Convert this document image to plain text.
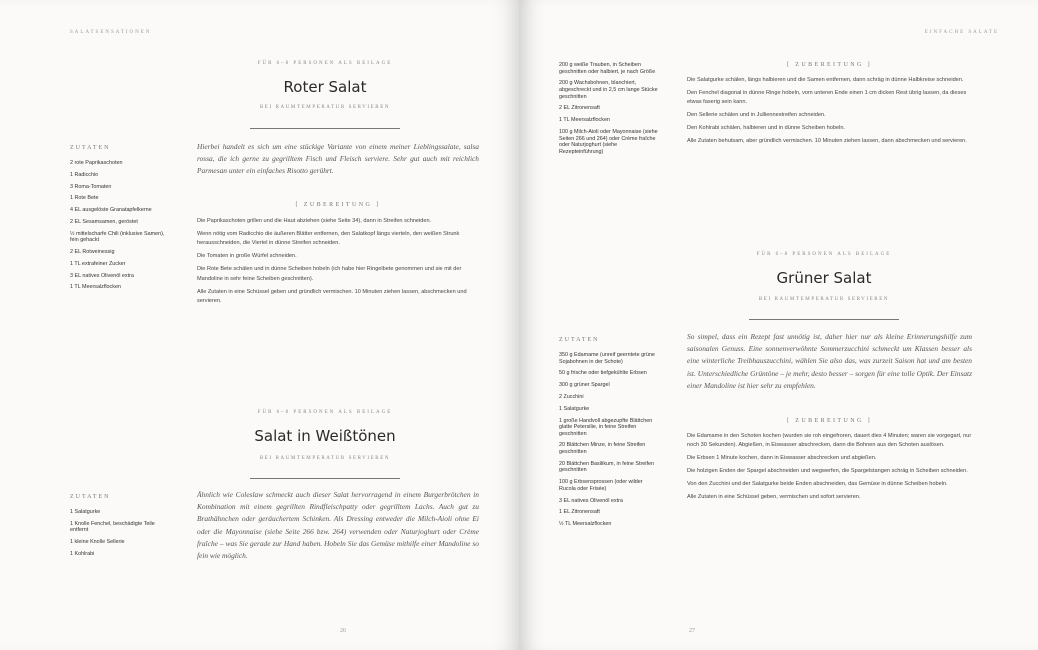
SALATSENSATIONEN
FÜR 6–8 PERSONEN ALS BEILAGE
Roter Salat
BEI RAUMTEMPERATUR SERVIEREN
ZUTATEN
2 rote Paprikaschoten
1 Radicchio
3 Roma-Tomaten
1 Rote Bete
4 EL ausgelöste Granatapfelkerne
2 EL Sesamsamen, geröstet
½ mittelscharfe Chili (inklusive Samen), fein gehackt
2 EL Rotweinessig
1 TL extrafeiner Zucker
3 EL natives Olivenöl extra
1 TL Meersalzflocken

Hierbei handelt es sich um eine stückige Variante von einem meiner Lieblingssalate, salsa rossa, die ich gerne zu gegrilltem Fisch und Fleisch serviere. Sehr gut auch mit reichlich Parmesan unter ein einfaches Risotto gerührt.

[ ZUBEREITUNG ]

Die Paprikaschoten grillen und die Haut abziehen (siehe Seite 34), dann in Streifen schneiden.

Wenn nötig vom Radicchio die äußeren Blätter entfernen, den Salatkopf längs vierteln, den weißen Strunk herausschneiden, die Viertel in dünne Streifen schneiden.

Die Tomaten in große Würfel schneiden.

Die Rote Bete schälen und in dünne Scheiben hobeln (ich habe hier Ringelbete genommen und sie mit der Mandoline in sehr feine Scheiben geschnitten).

Alle Zutaten in eine Schüssel geben und gründlich vermischen. 10 Minuten ziehen lassen, abschmecken und servieren.

FÜR 6–8 PERSONEN ALS BEILAGE
Salat in Weißtönen
BEI RAUMTEMPERATUR SERVIEREN
ZUTATEN
1 Salatgurke
1 Knolle Fenchel, beschädigte Teile entfernt
1 kleine Knolle Sellerie
1 Kohlrabi

Ähnlich wie Coleslaw schmeckt auch dieser Salat hervorragend in einem Burgerbrötchen in Kombination mit einem gegrillten Rindfleischpatty oder gegrilltem Lachs. Auch gut zu Brathähnchen oder geräuchertem Schinken. Als Dressing entweder die Milch-Aioli ohne Ei oder die Mayonnaise (siehe Seite 266 bzw. 264) verwenden oder Naturjoghurt oder Crème fraîche – was Sie gerade zur Hand haben. Hobeln Sie das Gemüse mithilfe einer Mandoline so fein wie möglich.

26
EINFACHE SALATE
200 g weiße Trauben, in Scheiben geschnitten oder halbiert, je nach Größe
200 g Wachsbohnen, blanchiert, abgeschreckt und in 2,5 cm lange Stücke geschnitten
2 EL Zitronensaft
1 TL Meersalzflocken
100 g Milch-Aioli oder Mayonnaise (siehe Seiten 266 und 264) oder Crème fraîche oder Naturjoghurt (siehe Rezepteinführung)
[ ZUBEREITUNG ]

Die Salatgurke schälen, längs halbieren und die Samen entfernen, dann schräg in dünne Halbkreise schneiden.

Den Fenchel diagonal in dünne Ringe hobeln, vom unteren Ende einen 1 cm dicken Rest übrig lassen, da dieses etwas faserig sein kann.

Den Sellerie schälen und in Julliennestreifen schneiden.

Den Kohlrabi schälen, halbieren und in dünne Scheiben hobeln.

Alle Zutaten behutsam, aber gründlich vermischen. 10 Minuten ziehen lassen, dann abschmecken und servieren.

FÜR 6–8 PERSONEN ALS BEILAGE
Grüner Salat
BEI RAUMTEMPERATUR SERVIEREN
ZUTATEN
350 g Edamame (unreif geerntete grüne Sojabohnen in der Schote)
50 g frische oder tiefgekühlte Erbsen
300 g grüner Spargel
2 Zucchini
1 Salatgurke
1 große Handvoll abgezupfte Blättchen glatte Petersilie, in feine Streifen geschnitten
20 Blättchen Minze, in feine Streifen geschnitten
20 Blättchen Basilikum, in feine Streifen geschnitten
100 g Erbsensprossen (oder wilder Rucola oder Frisée)
3 EL natives Olivenöl extra
1 EL Zitronensaft
½ TL Meersalzflocken

So simpel, dass ein Rezept fast unnötig ist, daher hier nur als kleine Erinnerungshilfe zum saisonalen Genuss. Eine sonnenverwöhnte Sommerzucchini schmeckt um Klassen besser als eine winterliche Treibhauszucchini, wählen Sie also das, was zurzeit Saison hat und am besten ist. Unterschiedliche Grüntöne – je mehr, desto besser – sorgen für eine tolle Optik. Der Einsatz einer Mandoline ist hier sehr zu empfehlen.

[ ZUBEREITUNG ]

Die Edamame in den Schoten kochen (wurden sie roh eingefroren, dauert dies 4 Minuten; waren sie vorgegart, nur noch 30 Sekunden). Abgießen, in Eiswasser abschrecken, dann die Bohnen aus den Schoten auslösen.

Die Erbsen 1 Minute kochen, dann in Eiswasser abschrecken und abgießen.

Die holzigen Enden der Spargel abschneiden und wegwerfen, die Spargelstangen schräg in Scheiben schneiden.

Von den Zucchini und der Salatgurke beide Enden abschneiden, das Gemüse in dünne Scheiben hobeln.

Alle Zutaten in eine Schüssel geben, vermischen und sofort servieren.

27
